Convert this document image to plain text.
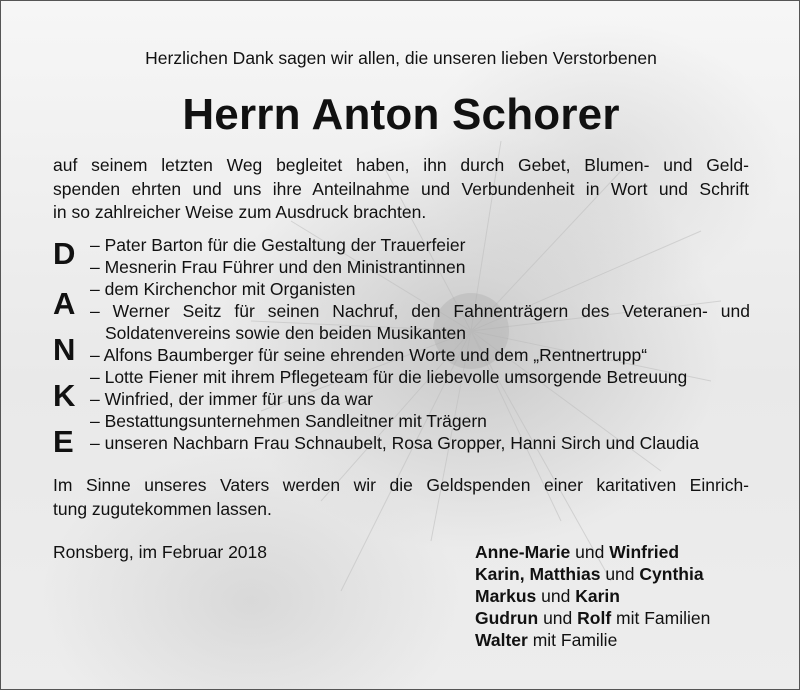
Herzlichen Dank sagen wir allen, die unseren lieben Verstorbenen
Herrn Anton Schorer
auf seinem letzten Weg begleitet haben, ihn durch Gebet, Blumen- und Geld-
spenden ehrten und uns ihre Anteilnahme und Verbundenheit in Wort und Schrift
in so zahlreicher Weise zum Ausdruck brachten.
D
A
N
K
E
– Pater Barton für die Gestaltung der Trauerfeier
– Mesnerin Frau Führer und den Ministrantinnen
– dem Kirchenchor mit Organisten
– Werner Seitz für seinen Nachruf, den Fahnenträgern des Veteranen- und
Soldatenvereins sowie den beiden Musikanten
– Alfons Baumberger für seine ehrenden Worte und dem „Rentnertrupp“
– Lotte Fiener mit ihrem Pflegeteam für die liebevolle umsorgende Betreuung
– Winfried, der immer für uns da war
– Bestattungsunternehmen Sandleitner mit Trägern
– unseren Nachbarn Frau Schnaubelt, Rosa Gropper, Hanni Sirch und Claudia
Im Sinne unseres Vaters werden wir die Geldspenden einer karitativen Einrich-
tung zugutekommen lassen.
Ronsberg, im Februar 2018	Anne-Marie und Winfried
Karin, Matthias und Cynthia
Markus und Karin
Gudrun und Rolf mit Familien
Walter mit Familie
